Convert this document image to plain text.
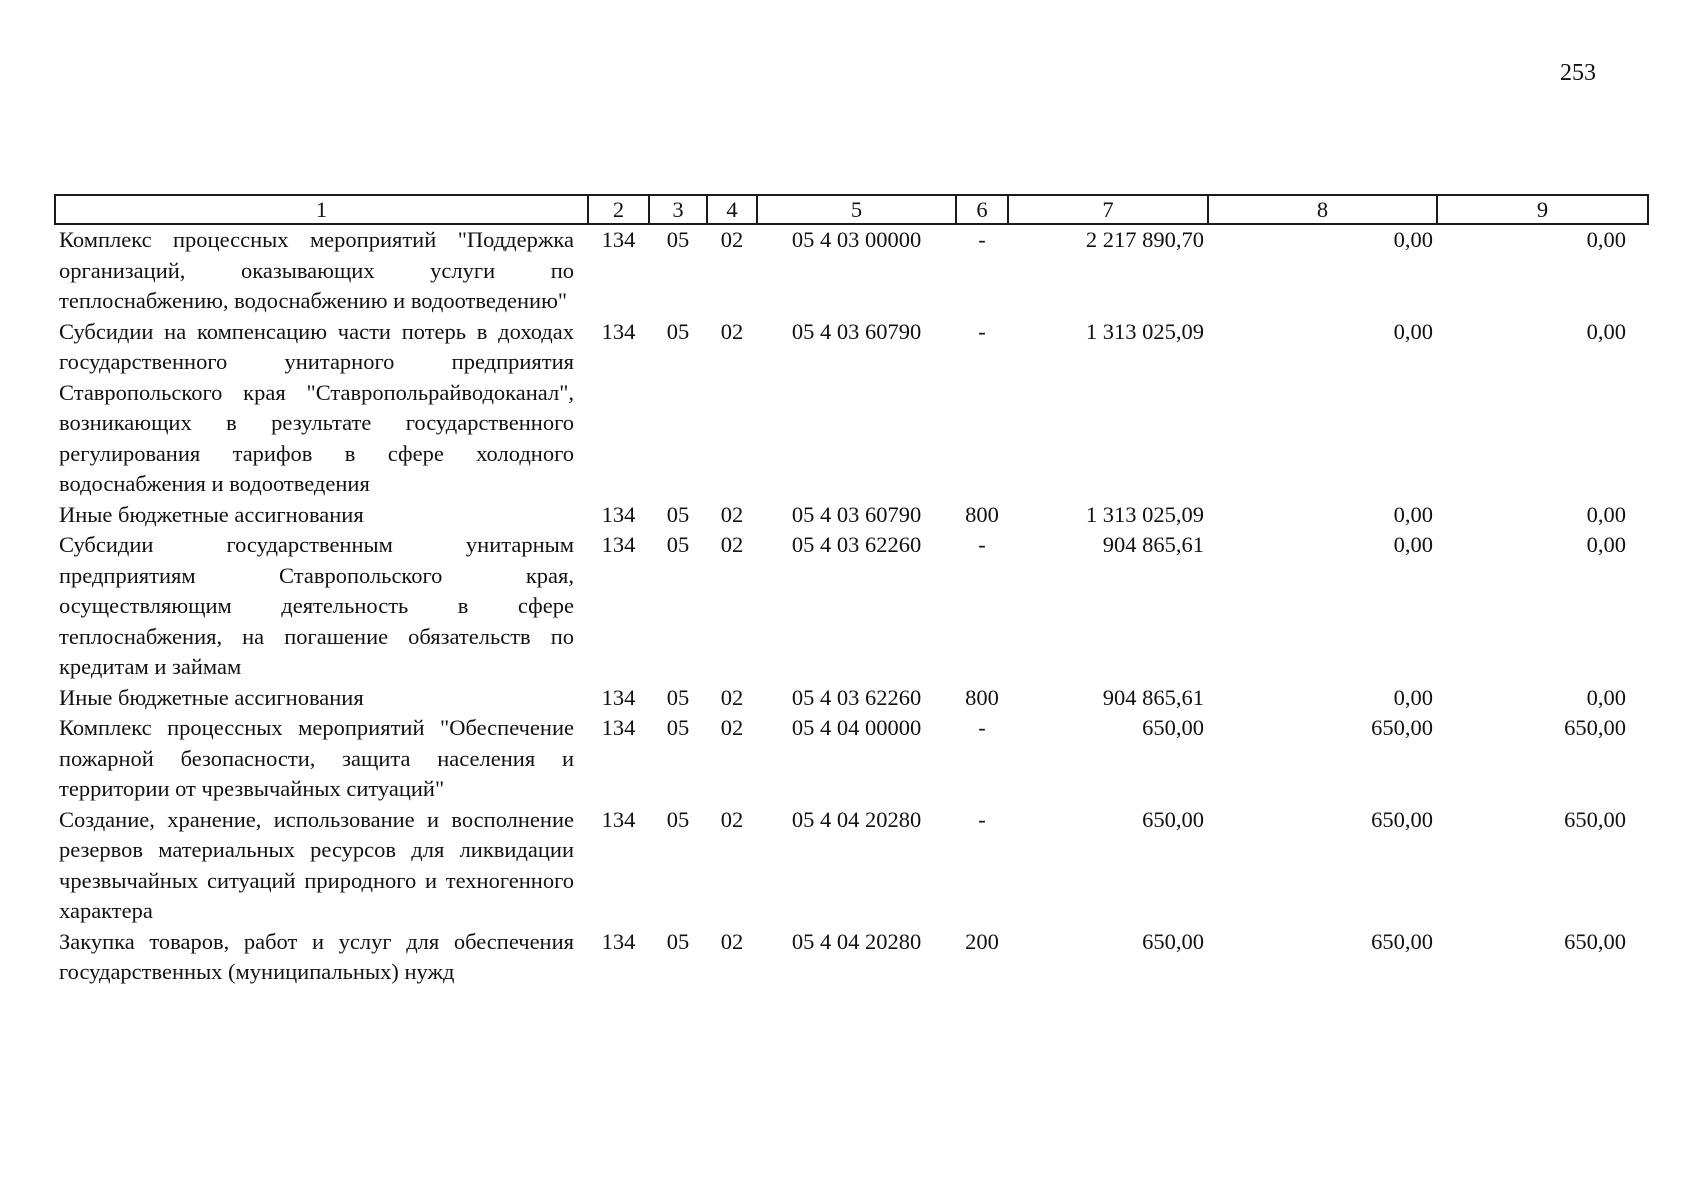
253
1	2	3	4	5	6	7	8	9
Комплекс процессных мероприятий "Поддержка организаций, оказывающих услуги по теплоснабжению, водоснабжению и водоотведению"	134	05	02	05 4 03 00000	-	2 217 890,70	0,00	0,00
Субсидии на компенсацию части потерь в доходах государственного унитарного предприятия Ставропольского края "Ставропольрайводоканал", возникающих в результате государственного регулирования тарифов в сфере холодного водоснабжения и водоотведения	134	05	02	05 4 03 60790	-	1 313 025,09	0,00	0,00
Иные бюджетные ассигнования	134	05	02	05 4 03 60790	800	1 313 025,09	0,00	0,00
Субсидии государственным унитарным предприятиям Ставропольского края, осуществляющим деятельность в сфере теплоснабжения, на погашение обязательств по кредитам и займам	134	05	02	05 4 03 62260	-	904 865,61	0,00	0,00
Иные бюджетные ассигнования	134	05	02	05 4 03 62260	800	904 865,61	0,00	0,00
Комплекс процессных мероприятий "Обеспечение пожарной безопасности, защита населения и территории от чрезвычайных ситуаций"	134	05	02	05 4 04 00000	-	650,00	650,00	650,00
Создание, хранение, использование и восполнение резервов материальных ресурсов для ликвидации чрезвычайных ситуаций природного и техногенного характера	134	05	02	05 4 04 20280	-	650,00	650,00	650,00
Закупка товаров, работ и услуг для обеспечения государственных (муниципальных) нужд	134	05	02	05 4 04 20280	200	650,00	650,00	650,00
